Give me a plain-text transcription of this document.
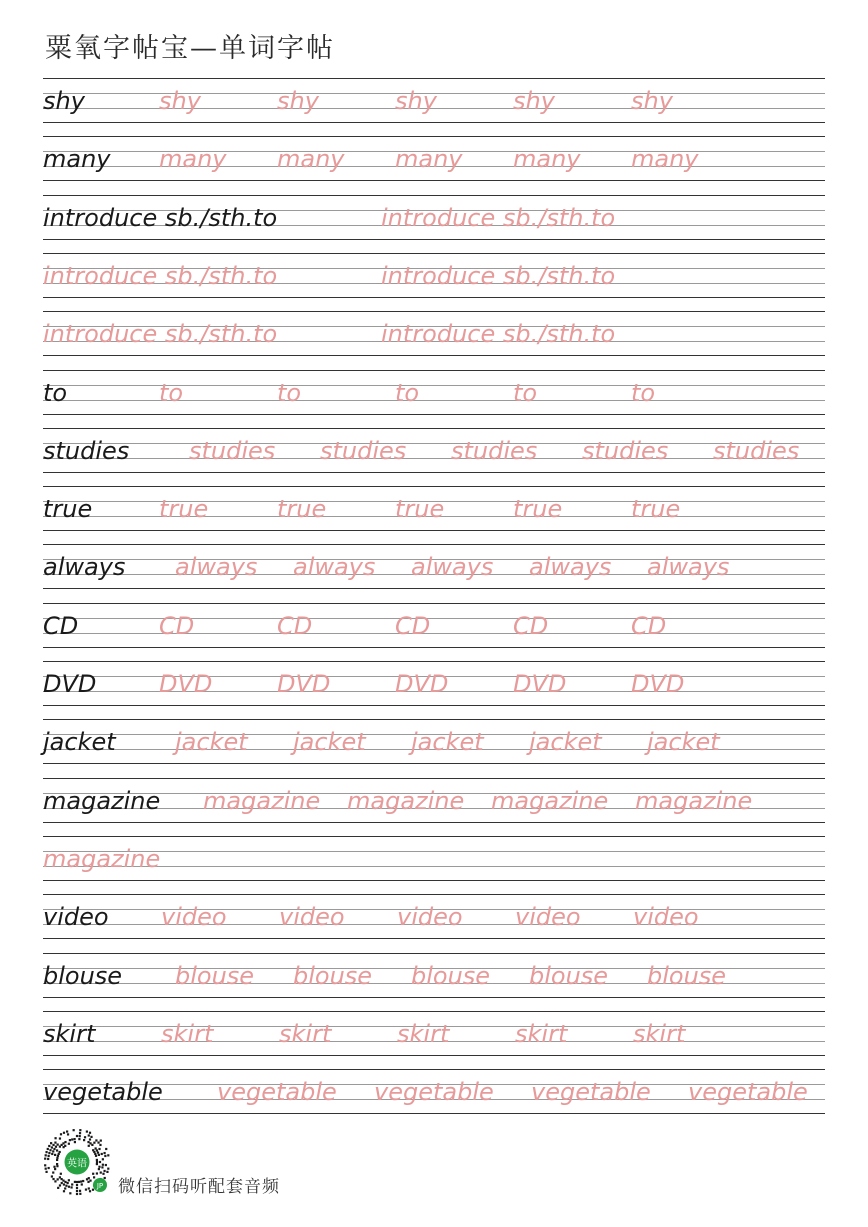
粟氧字帖宝—单词字帖
shy	shy	shy	shy	shy	shy
many many many many many many
introduce sb./sth.to	introduce sb./sth.to
introduce sb./sth.to	introduce sb./sth.to
introduce sb./sth.to	introduce sb./sth.to
to	to	to	to	to	to
studies studies studies studies studies studies
true	true	true	true	true	true
always always always always always always
CD	CD	CD	CD	CD	CD
DVD	DVD	DVD	DVD	DVD	DVD
jacket jacket jacket jacket jacket jacket
magazine magazine magazine magazine magazine
magazine
video video video video video video
blouse blouse blouse blouse blouse blouse
skirt	skirt	skirt	skirt	skirt	skirt
vegetable vegetable vegetable vegetable vegetable
英语
JP 微信扫码听配套音频
